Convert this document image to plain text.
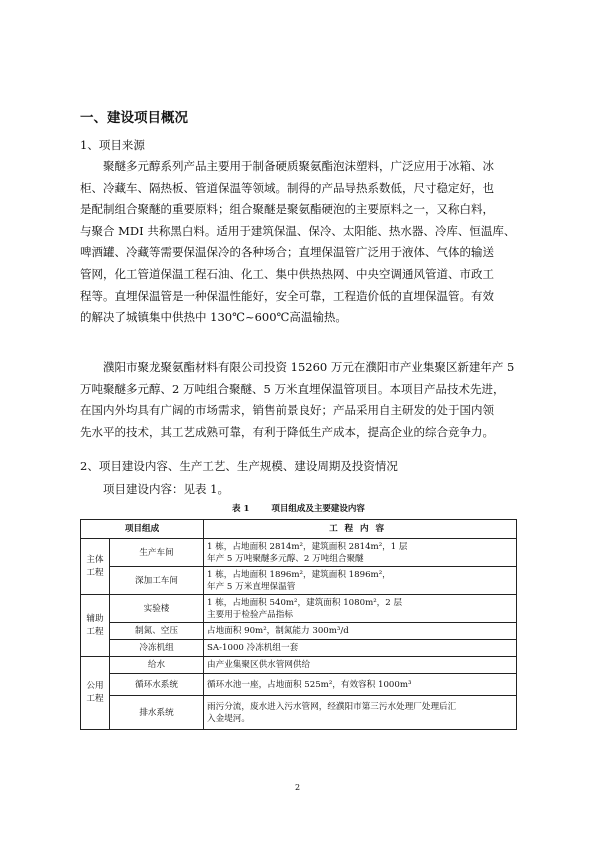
一、建设项目概况
1、项目来源
聚醚多元醇系列产品主要用于制备硬质聚氨酯泡沫塑料，广泛应用于冰箱、冰
柜、冷藏车、隔热板、管道保温等领域。制得的产品导热系数低，尺寸稳定好，也
是配制组合聚醚的重要原料；组合聚醚是聚氨酯硬泡的主要原料之一，又称白料，
与聚合 MDI 共称黑白料。适用于建筑保温、保冷、太阳能、热水器、冷库、恒温库、
啤酒罐、冷藏等需要保温保冷的各种场合；直埋保温管广泛用于液体、气体的输送
管网，化工管道保温工程石油、化工、集中供热热网、中央空调通风管道、市政工
程等。直埋保温管是一种保温性能好，安全可靠，工程造价低的直埋保温管。有效
的解决了城镇集中供热中 130℃~600℃高温输热。
濮阳市聚龙聚氨酯材料有限公司投资 15260 万元在濮阳市产业集聚区新建年产 5
万吨聚醚多元醇、2 万吨组合聚醚、5 万米直埋保温管项目。本项目产品技术先进，
在国内外均具有广阔的市场需求，销售前景良好；产品采用自主研发的处于国内领
先水平的技术，其工艺成熟可靠，有利于降低生产成本，提高企业的综合竞争力。
2、项目建设内容、生产工艺、生产规模、建设周期及投资情况
项目建设内容：见表 1。
表 1	项目组成及主要建设内容
项目组成		工程内容

主体
工程	生产车间	1 栋，占地面积 2814m²，建筑面积 2814m²，1 层
年产 5 万吨聚醚多元醇、2 万吨组合聚醚

	深加工车间	1 栋，占地面积 1896m²，建筑面积 1896m²，
年产 5 万米直埋保温管

辅助
工程	实验楼	1 栋，占地面积 540m²，建筑面积 1080m²，2 层
主要用于检验产品指标

	制氮、空压	占地面积 90m²，制氮能力 300m³/d

	冷冻机组	SA-1000 冷冻机组一套

公用
工程	给水	由产业集聚区供水管网供给

	循环水系统	循环水池一座，占地面积 525m²，有效容积 1000m³

	排水系统	雨污分流，废水进入污水管网，经濮阳市第三污水处理厂处理后汇
入金堤河。
2
